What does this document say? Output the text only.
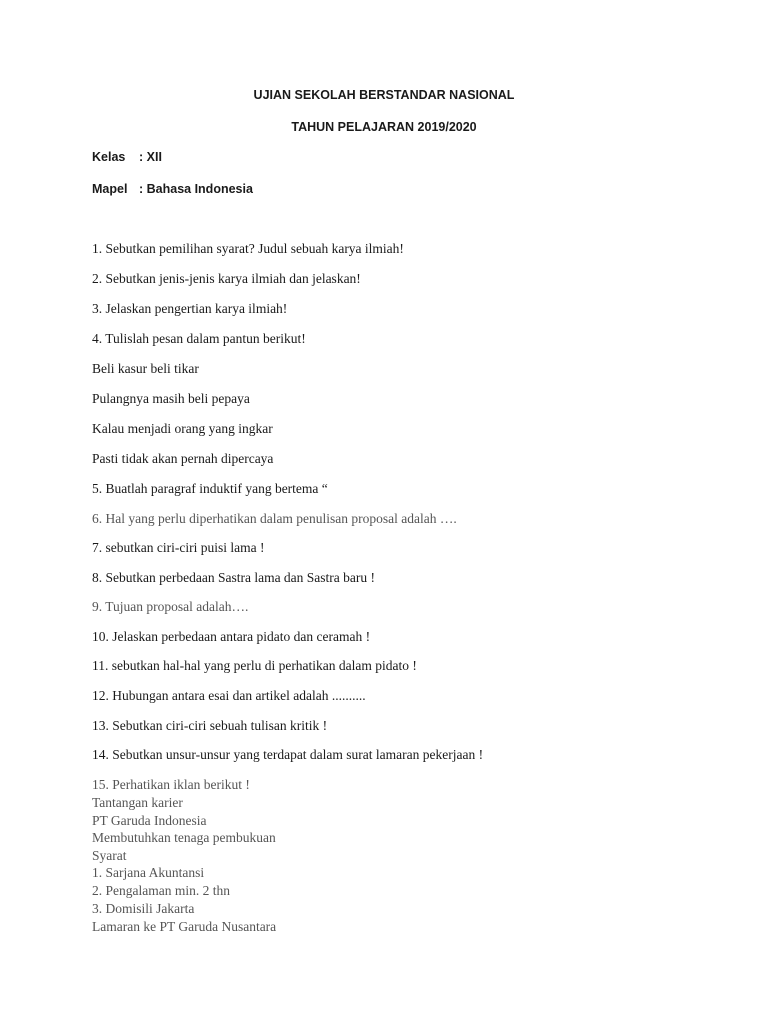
UJIAN SEKOLAH BERSTANDAR NASIONAL
TAHUN PELAJARAN 2019/2020
Kelas : XII
Mapel : Bahasa Indonesia
1. Sebutkan pemilihan syarat? Judul sebuah karya ilmiah!
2. Sebutkan jenis-jenis karya ilmiah dan jelaskan!
3. Jelaskan pengertian karya ilmiah!
4. Tulislah pesan dalam pantun berikut!
Beli kasur beli tikar
Pulangnya masih beli pepaya
Kalau menjadi orang yang ingkar
Pasti tidak akan pernah dipercaya
5. Buatlah paragraf induktif yang bertema “
6. Hal yang perlu diperhatikan dalam penulisan proposal adalah ….
7. sebutkan ciri-ciri puisi lama !
8. Sebutkan perbedaan Sastra lama dan Sastra baru !
9. Tujuan proposal adalah….
10. Jelaskan perbedaan antara pidato dan ceramah !
11. sebutkan hal-hal yang perlu di perhatikan dalam pidato !
12. Hubungan antara esai dan artikel adalah ..........
13. Sebutkan ciri-ciri sebuah tulisan kritik !
14. Sebutkan unsur-unsur yang terdapat dalam surat lamaran pekerjaan !
15. Perhatikan iklan berikut !
Tantangan karier
PT Garuda Indonesia
Membutuhkan tenaga pembukuan
Syarat
1. Sarjana Akuntansi
2. Pengalaman min. 2 thn
3. Domisili Jakarta
Lamaran ke PT Garuda Nusantara
